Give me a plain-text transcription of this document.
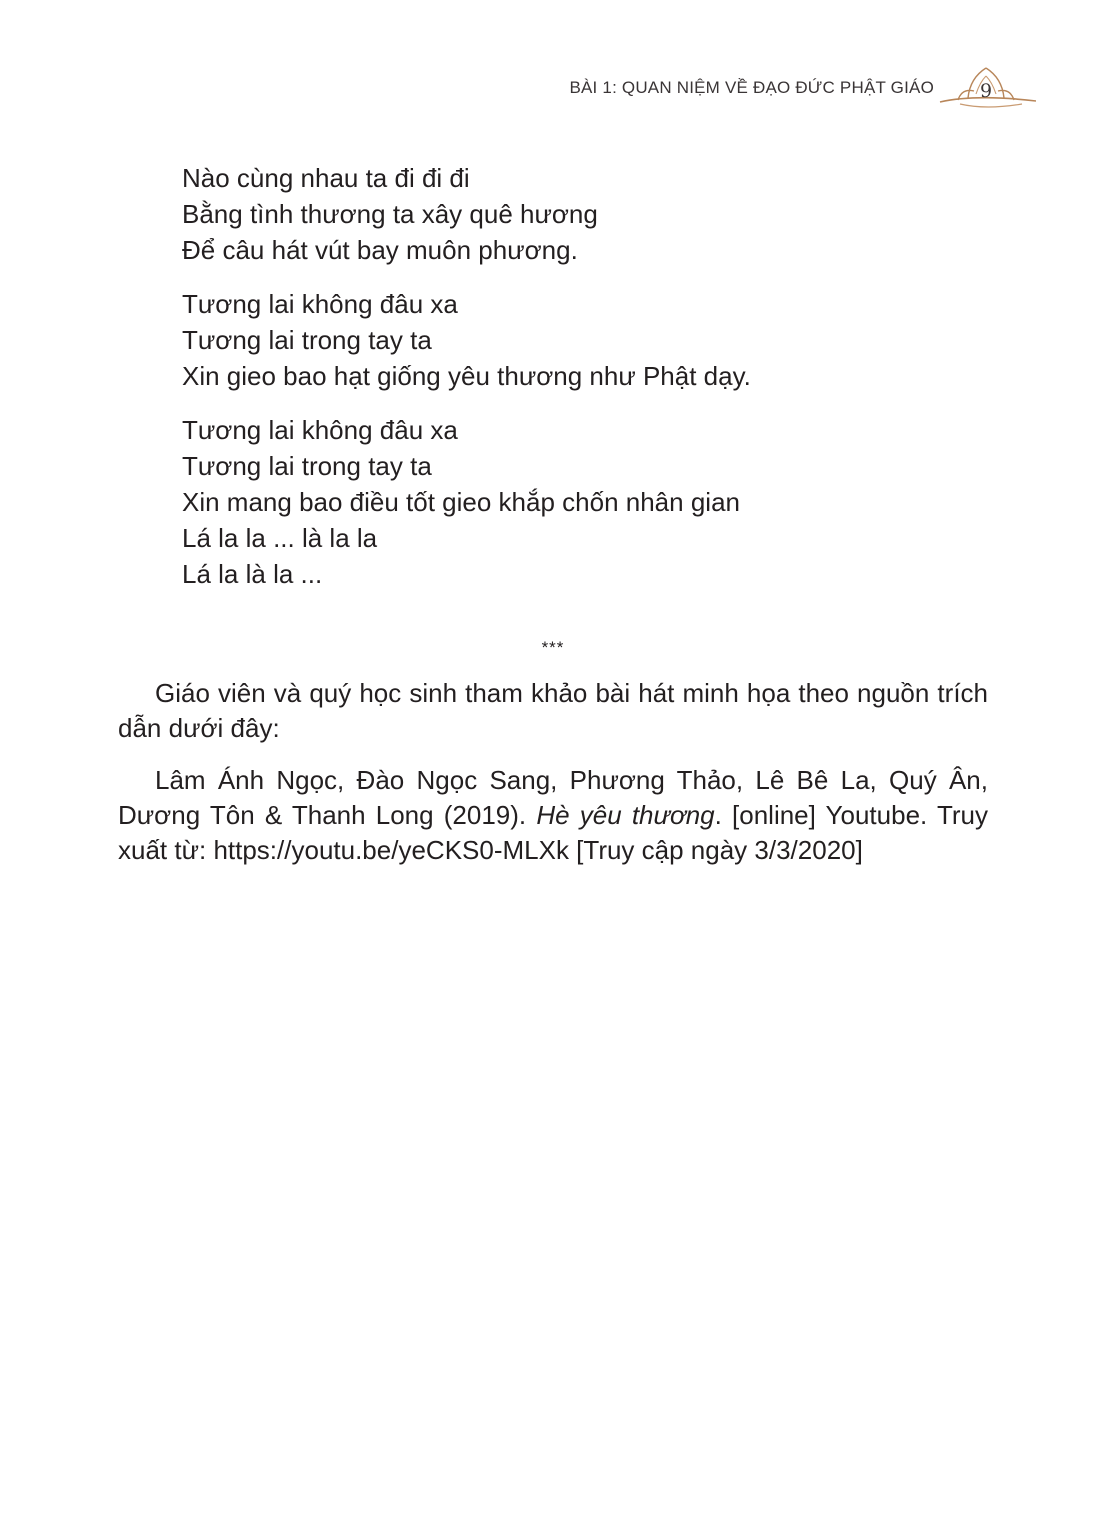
BÀI 1: QUAN NIỆM VỀ ĐẠO ĐỨC PHẬT GIÁO 9
Nào cùng nhau ta đi đi đi
Bằng tình thương ta xây quê hương
Để câu hát vút bay muôn phương.
Tương lai không đâu xa
Tương lai trong tay ta
Xin gieo bao hạt giống yêu thương như Phật dạy.
Tương lai không đâu xa
Tương lai trong tay ta
Xin mang bao điều tốt gieo khắp chốn nhân gian
Lá la la ... là la la
Lá la là la ...
***

Giáo viên và quý học sinh tham khảo bài hát minh họa theo nguồn trích dẫn dưới đây:

Lâm Ánh Ngọc, Đào Ngọc Sang, Phương Thảo, Lê Bê La, Quý Ân, Dương Tôn & Thanh Long (2019). Hè yêu thương. [online] Youtube. Truy xuất từ: https://youtu.be/yeCKS0-MLXk [Truy cập ngày 3/3/2020]
